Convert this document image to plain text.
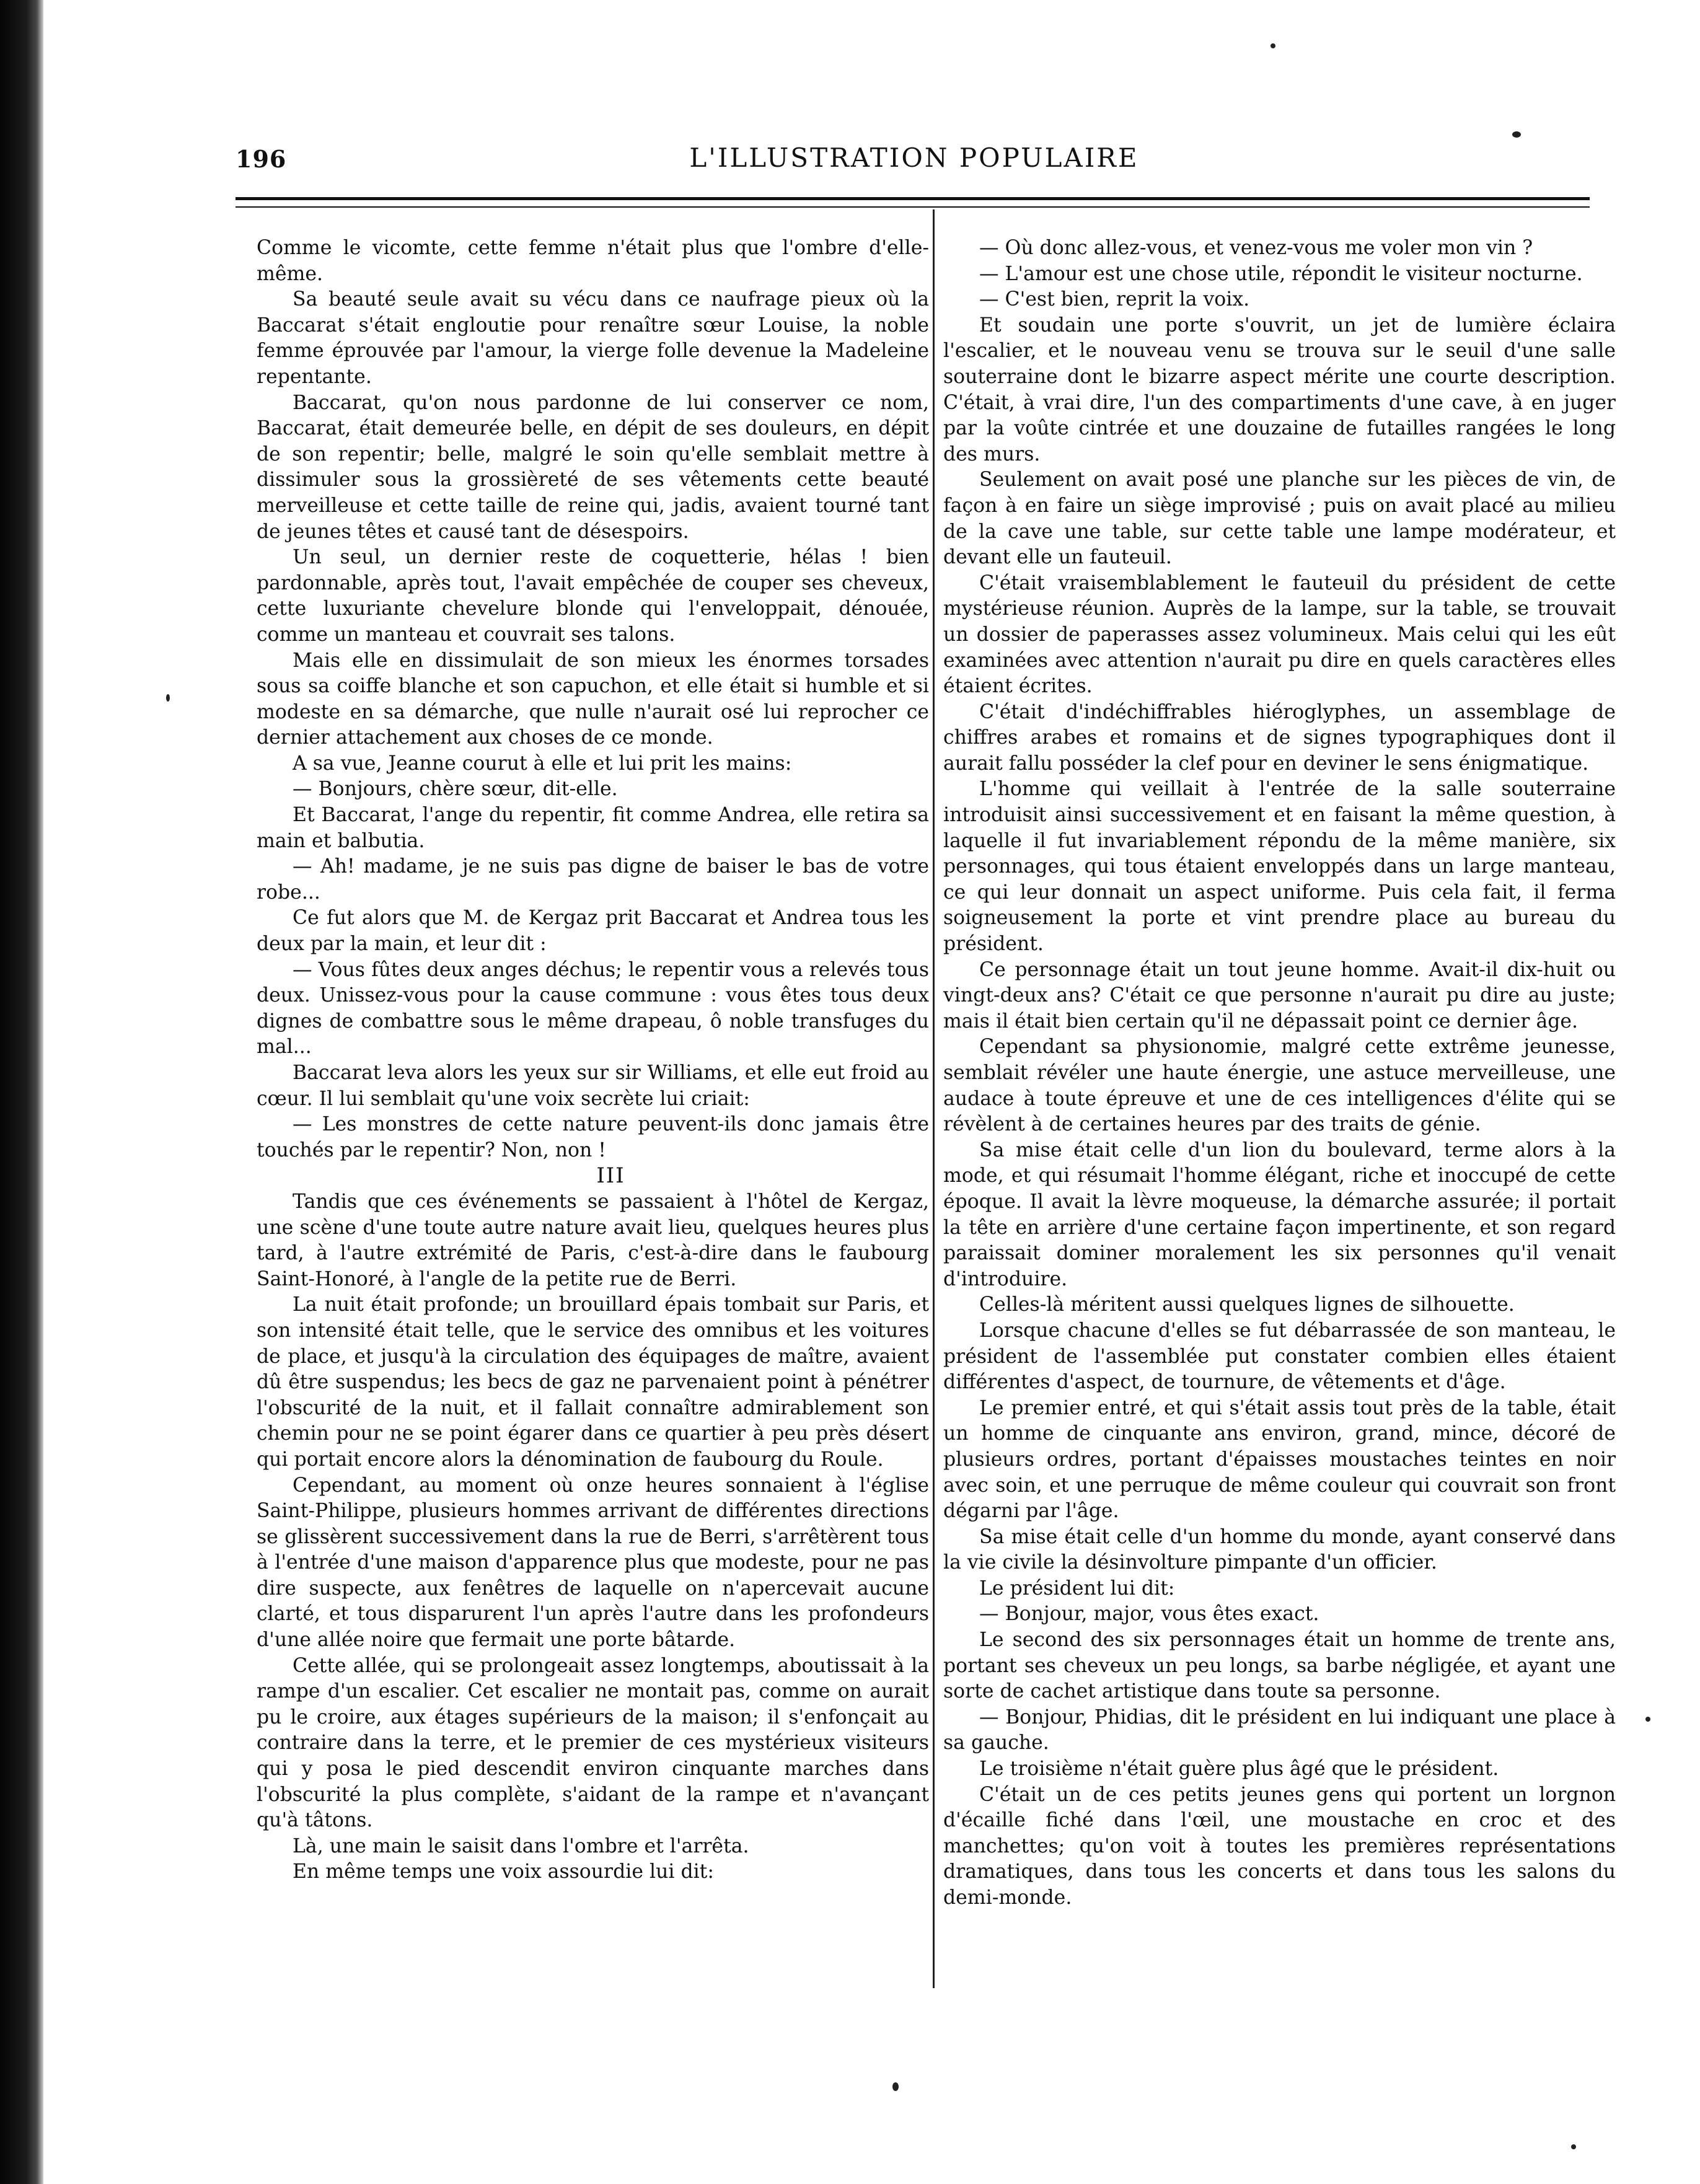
196	L'ILLUSTRATION POPULAIRE

Comme le vicomte, cette femme n'était plus que l'ombre d'elle-même.

Sa beauté seule avait su vécu dans ce naufrage pieux où la Baccarat s'était engloutie pour renaître sœur Louise, la noble femme éprouvée par l'amour, la vierge folle devenue la Madeleine repentante.

Baccarat, qu'on nous pardonne de lui conserver ce nom, Baccarat, était demeurée belle, en dépit de ses douleurs, en dépit de son repentir; belle, malgré le soin qu'elle semblait mettre à dissimuler sous la grossièreté de ses vêtements cette beauté merveilleuse et cette taille de reine qui, jadis, avaient tourné tant de jeunes têtes et causé tant de désespoirs.

Un seul, un dernier reste de coquetterie, hélas ! bien pardonnable, après tout, l'avait empêchée de couper ses cheveux, cette luxuriante chevelure blonde qui l'enveloppait, dénouée, comme un manteau et couvrait ses talons.

Mais elle en dissimulait de son mieux les énormes torsades sous sa coiffe blanche et son capuchon, et elle était si humble et si modeste en sa démarche, que nulle n'aurait osé lui reprocher ce dernier attachement aux choses de ce monde.

A sa vue, Jeanne courut à elle et lui prit les mains:

— Bonjours, chère sœur, dit-elle.

Et Baccarat, l'ange du repentir, fit comme Andrea, elle retira sa main et balbutia.

— Ah! madame, je ne suis pas digne de baiser le bas de votre robe...

Ce fut alors que M. de Kergaz prit Baccarat et Andrea tous les deux par la main, et leur dit :

— Vous fûtes deux anges déchus; le repentir vous a relevés tous deux. Unissez-vous pour la cause commune : vous êtes tous deux dignes de combattre sous le même drapeau, ô noble transfuges du mal...

Baccarat leva alors les yeux sur sir Williams, et elle eut froid au cœur. Il lui semblait qu'une voix secrète lui criait:

— Les monstres de cette nature peuvent-ils donc jamais être touchés par le repentir? Non, non !

III

Tandis que ces événements se passaient à l'hôtel de Kergaz, une scène d'une toute autre nature avait lieu, quelques heures plus tard, à l'autre extrémité de Paris, c'est-à-dire dans le faubourg Saint-Honoré, à l'angle de la petite rue de Berri.

La nuit était profonde; un brouillard épais tombait sur Paris, et son intensité était telle, que le service des omnibus et les voitures de place, et jusqu'à la circulation des équipages de maître, avaient dû être suspendus; les becs de gaz ne parvenaient point à pénétrer l'obscurité de la nuit, et il fallait connaître admirablement son chemin pour ne se point égarer dans ce quartier à peu près désert qui portait encore alors la dénomination de faubourg du Roule.

Cependant, au moment où onze heures sonnaient à l'église Saint-Philippe, plusieurs hommes arrivant de différentes directions se glissèrent successivement dans la rue de Berri, s'arrêtèrent tous à l'entrée d'une maison d'apparence plus que modeste, pour ne pas dire suspecte, aux fenêtres de laquelle on n'apercevait aucune clarté, et tous disparurent l'un après l'autre dans les profondeurs d'une allée noire que fermait une porte bâtarde.

Cette allée, qui se prolongeait assez longtemps, aboutissait à la rampe d'un escalier. Cet escalier ne montait pas, comme on aurait pu le croire, aux étages supérieurs de la maison; il s'enfonçait au contraire dans la terre, et le premier de ces mystérieux visiteurs qui y posa le pied descendit environ cinquante marches dans l'obscurité la plus complète, s'aidant de la rampe et n'avançant qu'à tâtons.

Là, une main le saisit dans l'ombre et l'arrêta.

En même temps une voix assourdie lui dit:

— Où donc allez-vous, et venez-vous me voler mon vin ?

— L'amour est une chose utile, répondit le visiteur nocturne.

— C'est bien, reprit la voix.

Et soudain une porte s'ouvrit, un jet de lumière éclaira l'escalier, et le nouveau venu se trouva sur le seuil d'une salle souterraine dont le bizarre aspect mérite une courte description. C'était, à vrai dire, l'un des compartiments d'une cave, à en juger par la voûte cintrée et une douzaine de futailles rangées le long des murs.

Seulement on avait posé une planche sur les pièces de vin, de façon à en faire un siège improvisé ; puis on avait placé au milieu de la cave une table, sur cette table une lampe modérateur, et devant elle un fauteuil.

C'était vraisemblablement le fauteuil du président de cette mystérieuse réunion. Auprès de la lampe, sur la table, se trouvait un dossier de paperasses assez volumineux. Mais celui qui les eût examinées avec attention n'aurait pu dire en quels caractères elles étaient écrites.

C'était d'indéchiffrables hiéroglyphes, un assemblage de chiffres arabes et romains et de signes typographiques dont il aurait fallu posséder la clef pour en deviner le sens énigmatique.

L'homme qui veillait à l'entrée de la salle souterraine introduisit ainsi successivement et en faisant la même question, à laquelle il fut invariablement répondu de la même manière, six personnages, qui tous étaient enveloppés dans un large manteau, ce qui leur donnait un aspect uniforme. Puis cela fait, il ferma soigneusement la porte et vint prendre place au bureau du président.

Ce personnage était un tout jeune homme. Avait-il dix-huit ou vingt-deux ans? C'était ce que personne n'aurait pu dire au juste; mais il était bien certain qu'il ne dépassait point ce dernier âge.

Cependant sa physionomie, malgré cette extrême jeunesse, semblait révéler une haute énergie, une astuce merveilleuse, une audace à toute épreuve et une de ces intelligences d'élite qui se révèlent à de certaines heures par des traits de génie.

Sa mise était celle d'un lion du boulevard, terme alors à la mode, et qui résumait l'homme élégant, riche et inoccupé de cette époque. Il avait la lèvre moqueuse, la démarche assurée; il portait la tête en arrière d'une certaine façon impertinente, et son regard paraissait dominer moralement les six personnes qu'il venait d'introduire.

Celles-là méritent aussi quelques lignes de silhouette.

Lorsque chacune d'elles se fut débarrassée de son manteau, le président de l'assemblée put constater combien elles étaient différentes d'aspect, de tournure, de vêtements et d'âge.

Le premier entré, et qui s'était assis tout près de la table, était un homme de cinquante ans environ, grand, mince, décoré de plusieurs ordres, portant d'épaisses moustaches teintes en noir avec soin, et une perruque de même couleur qui couvrait son front dégarni par l'âge.

Sa mise était celle d'un homme du monde, ayant conservé dans la vie civile la désinvolture pimpante d'un officier.

Le président lui dit:

— Bonjour, major, vous êtes exact.

Le second des six personnages était un homme de trente ans, portant ses cheveux un peu longs, sa barbe négligée, et ayant une sorte de cachet artistique dans toute sa personne.

— Bonjour, Phidias, dit le président en lui indiquant une place à sa gauche.

Le troisième n'était guère plus âgé que le président.

C'était un de ces petits jeunes gens qui portent un lorgnon d'écaille fiché dans l'œil, une moustache en croc et des manchettes; qu'on voit à toutes les premières représentations dramatiques, dans tous les concerts et dans tous les salons du demi-monde.
